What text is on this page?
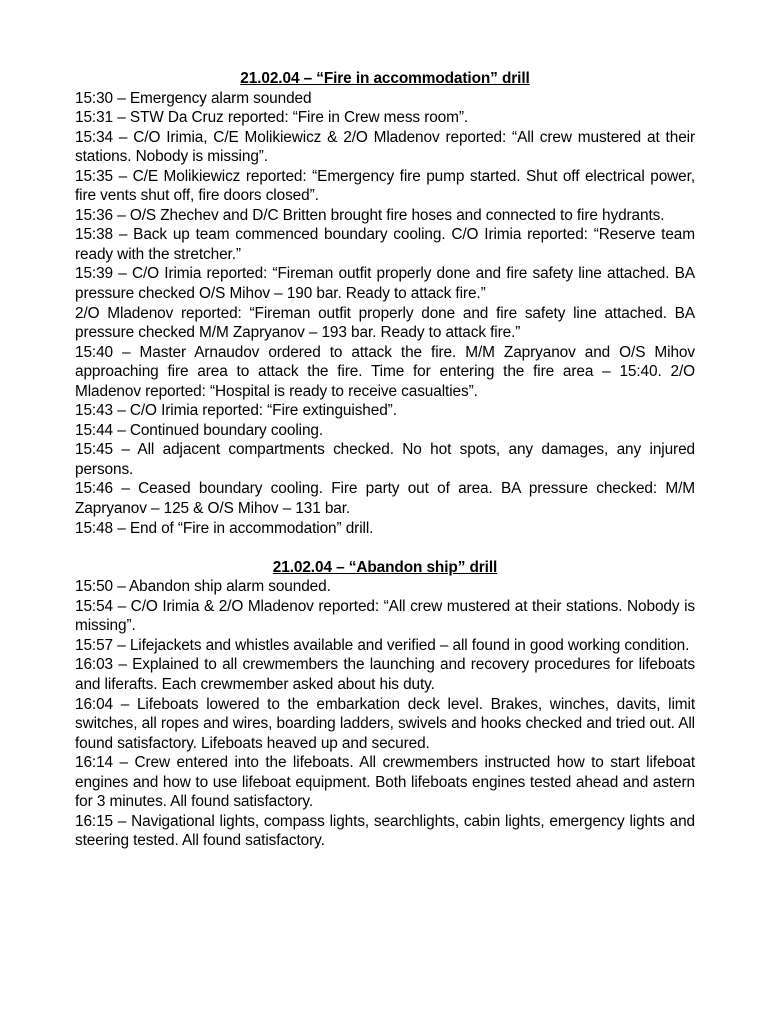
21.02.04 – “Fire in accommodation” drill
15:30 – Emergency alarm sounded
15:31 – STW Da Cruz reported: “Fire in Crew mess room”.
15:34 – C/O Irimia, C/E Molikiewicz & 2/O Mladenov reported: “All crew mustered at their stations. Nobody is missing”.
15:35 – C/E Molikiewicz reported: “Emergency fire pump started. Shut off electrical power, fire vents shut off, fire doors closed”.
15:36 – O/S Zhechev and D/C Britten brought fire hoses and connected to fire hydrants.
15:38 – Back up team commenced boundary cooling. C/O Irimia reported: “Reserve team ready with the stretcher.”
15:39 – C/O Irimia reported: “Fireman outfit properly done and fire safety line attached. BA pressure checked O/S Mihov – 190 bar. Ready to attack fire.”
2/O Mladenov reported: “Fireman outfit properly done and fire safety line attached. BA pressure checked M/M Zapryanov – 193 bar. Ready to attack fire.”
15:40 – Master Arnaudov ordered to attack the fire. M/M Zapryanov and O/S Mihov approaching fire area to attack the fire. Time for entering the fire area – 15:40. 2/O Mladenov reported: “Hospital is ready to receive casualties”.
15:43 – C/O Irimia reported: “Fire extinguished”.
15:44 – Continued boundary cooling.
15:45 – All adjacent compartments checked. No hot spots, any damages, any injured persons.
15:46 – Ceased boundary cooling. Fire party out of area. BA pressure checked: M/M Zapryanov – 125 & O/S Mihov – 131 bar.
15:48 – End of “Fire in accommodation” drill.
21.02.04 – “Abandon ship” drill
15:50 – Abandon ship alarm sounded.
15:54 – C/O Irimia & 2/O Mladenov reported: “All crew mustered at their stations. Nobody is missing”.
15:57 – Lifejackets and whistles available and verified – all found in good working condition.
16:03 – Explained to all crewmembers the launching and recovery procedures for lifeboats and liferafts. Each crewmember asked about his duty.
16:04 – Lifeboats lowered to the embarkation deck level. Brakes, winches, davits, limit switches, all ropes and wires, boarding ladders, swivels and hooks checked and tried out. All found satisfactory. Lifeboats heaved up and secured.
16:14 – Crew entered into the lifeboats. All crewmembers instructed how to start lifeboat engines and how to use lifeboat equipment. Both lifeboats engines tested ahead and astern for 3 minutes. All found satisfactory.
16:15 – Navigational lights, compass lights, searchlights, cabin lights, emergency lights and steering tested. All found satisfactory.
